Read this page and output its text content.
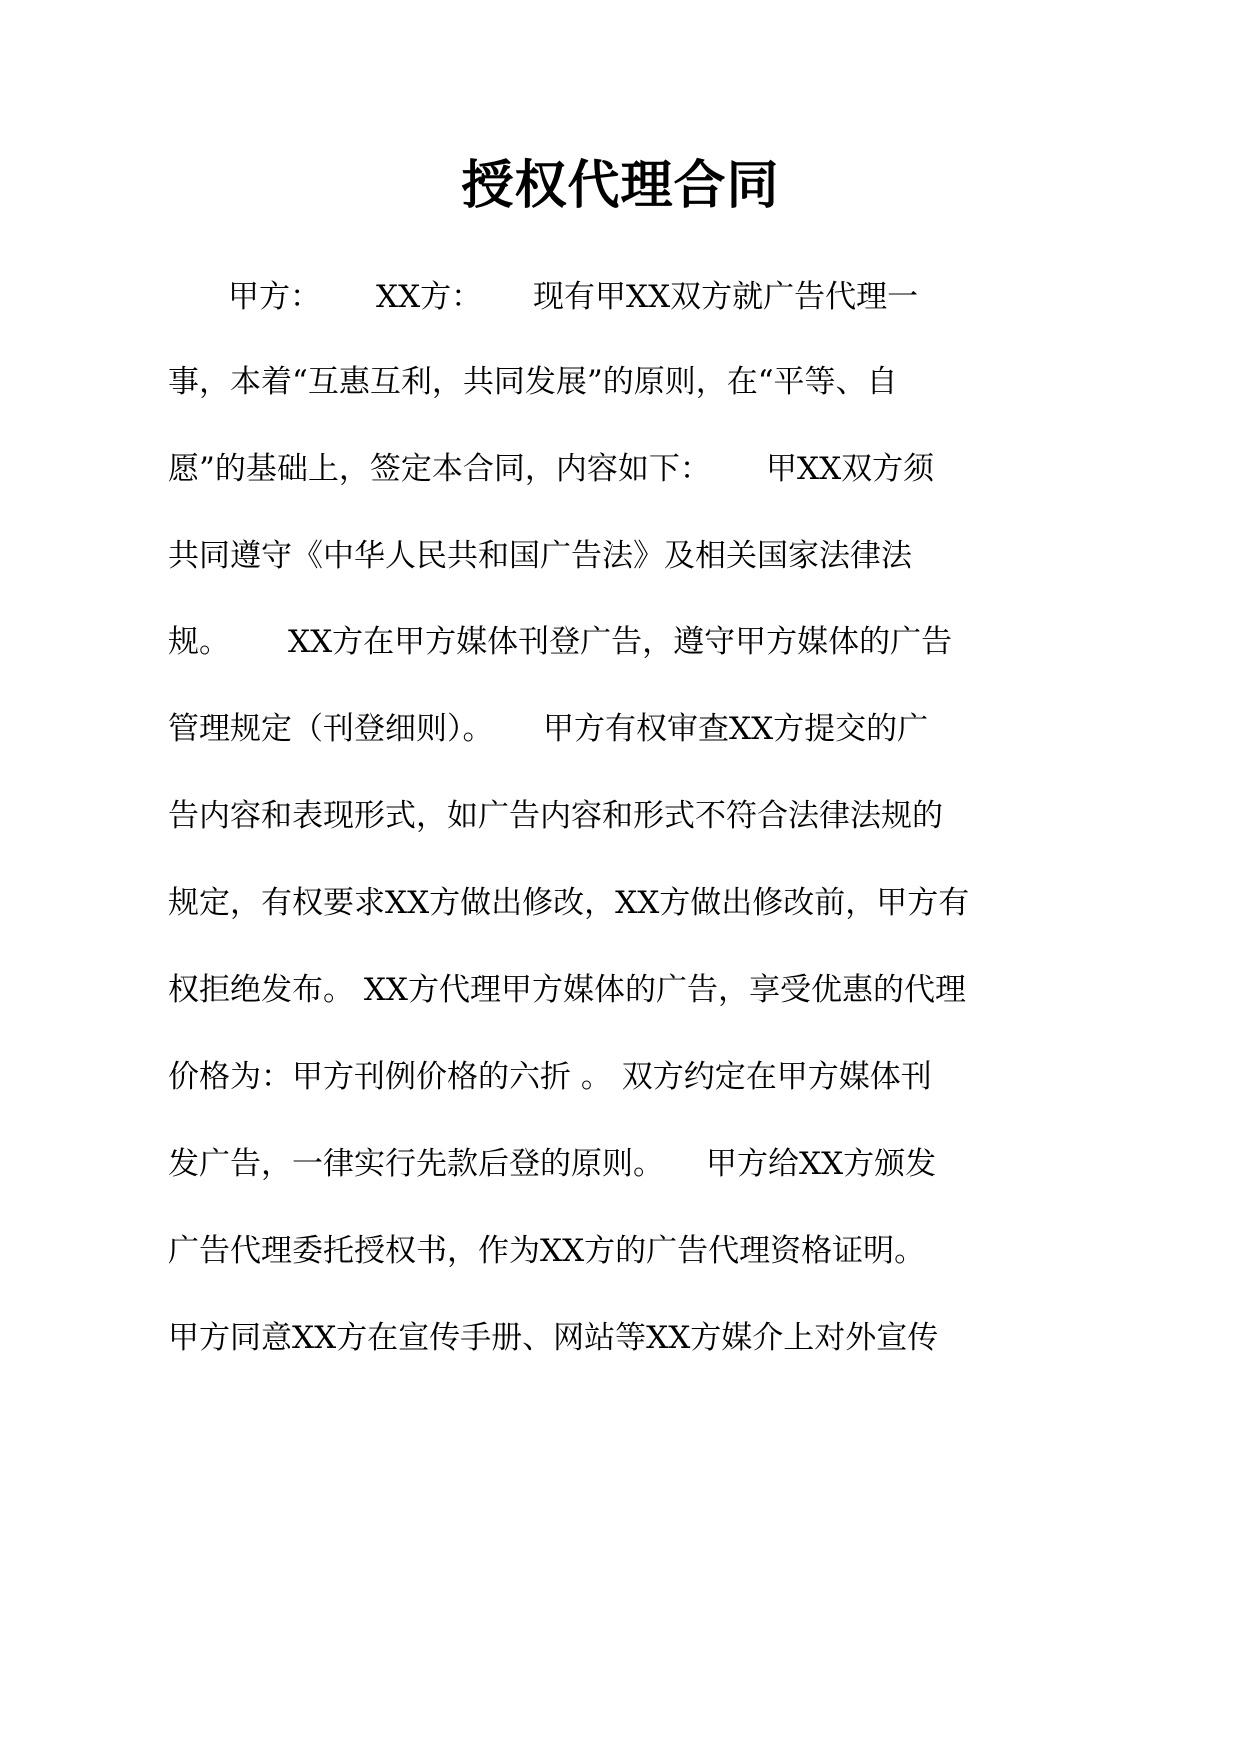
授权代理合同

甲方：

XX方：

现有甲XX双方就广告代理一

事，本着“互惠互利，共同发展”的原则，在“平等、自

愿”的基础上，签定本合同，内容如下：

甲XX双方须

共同遵守《中华人民共和国广告法》及相关国家法律法

规。

XX方在甲方媒体刊登广告，遵守甲方媒体的广告

管理规定（刊登细则）。

甲方有权审查XX方提交的广

告内容和表现形式，如广告内容和形式不符合法律法规的

规定，有权要求XX方做出修改，XX方做出修改前，甲方有

权拒绝发布。 XX方代理甲方媒体的广告，享受优惠的代理

价格为：甲方刊例价格的六折 。 双方约定在甲方媒体刊

发广告，一律实行先款后登的原则。

甲方给XX方颁发

广告代理委托授权书，作为XX方的广告代理资格证明。

甲方同意XX方在宣传手册、网站等XX方媒介上对外宣传
